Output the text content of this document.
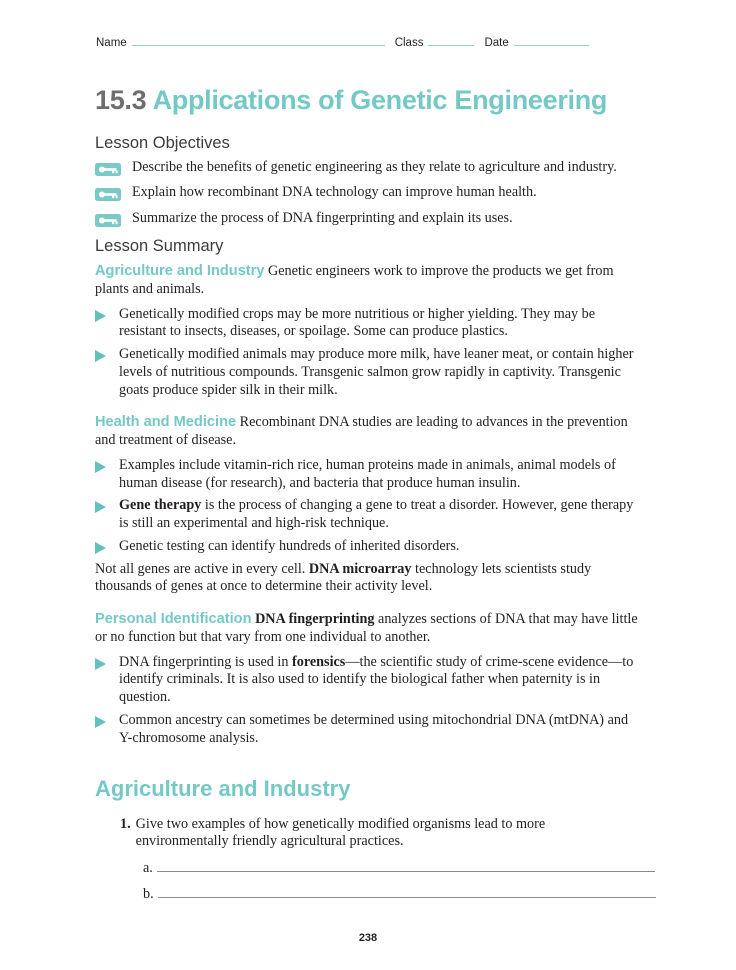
Name	Class	Date
15.3 Applications of Genetic Engineering
Lesson Objectives
Describe the benefits of genetic engineering as they relate to agriculture and industry.
Explain how recombinant DNA technology can improve human health.
Summarize the process of DNA fingerprinting and explain its uses.
Lesson Summary

Agriculture and Industry Genetic engineers work to improve the products we get from plants and animals.

Genetically modified crops may be more nutritious or higher yielding. They may be resistant to insects, diseases, or spoilage. Some can produce plastics.
Genetically modified animals may produce more milk, have leaner meat, or contain higher levels of nutritious compounds. Transgenic salmon grow rapidly in captivity. Transgenic goats produce spider silk in their milk.

Health and Medicine Recombinant DNA studies are leading to advances in the prevention and treatment of disease.

Examples include vitamin-rich rice, human proteins made in animals, animal models of human disease (for research), and bacteria that produce human insulin.
Gene therapy is the process of changing a gene to treat a disorder. However, gene therapy is still an experimental and high-risk technique.
Genetic testing can identify hundreds of inherited disorders.

Not all genes are active in every cell. DNA microarray technology lets scientists study thousands of genes at once to determine their activity level.

Personal Identification DNA fingerprinting analyzes sections of DNA that may have little or no function but that vary from one individual to another.

DNA fingerprinting is used in forensics—the scientific study of crime-scene evidence—to identify criminals. It is also used to identify the biological father when paternity is in question.
Common ancestry can sometimes be determined using mitochondrial DNA (mtDNA) and Y-chromosome analysis.
Agriculture and Industry
1. Give two examples of how genetically modified organisms lead to more environmentally friendly agricultural practices.
a.
b.
238
